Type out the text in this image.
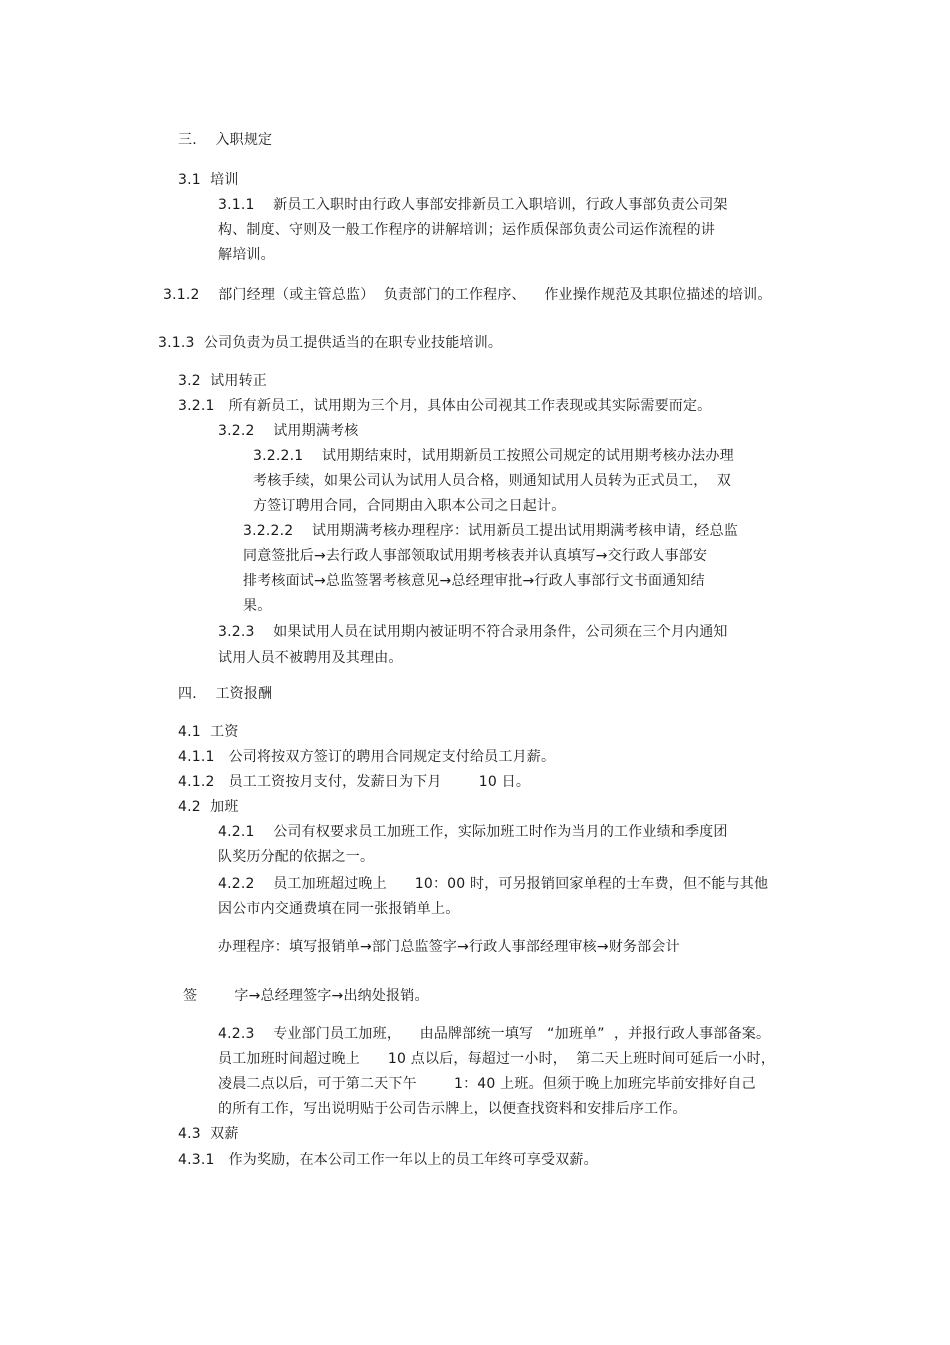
三.    入职规定
3.1  培训
3.1.1    新员工入职时由行政人事部安排新员工入职培训，行政人事部负责公司架
构、制度、守则及一般工作程序的讲解培训；运作质保部负责公司运作流程的讲
解培训。
3.1.2    部门经理（或主管总监）  负责部门的工作程序、    作业操作规范及其职位描述的培训。
3.1.3  公司负责为员工提供适当的在职专业技能培训。
3.2  试用转正
3.2.1   所有新员工，试用期为三个月，具体由公司视其工作表现或其实际需要而定。
3.2.2    试用期满考核
3.2.2.1    试用期结束时，试用期新员工按照公司规定的试用期考核办法办理
考核手续，如果公司认为试用人员合格，则通知试用人员转为正式员工，  双
方签订聘用合同，合同期由入职本公司之日起计。
3.2.2.2    试用期满考核办理程序：试用新员工提出试用期满考核申请，经总监
同意签批后→去行政人事部领取试用期考核表并认真填写→交行政人事部安
排考核面试→总监签署考核意见→总经理审批→行政人事部行文书面通知结
果。
3.2.3    如果试用人员在试用期内被证明不符合录用条件，公司须在三个月内通知
试用人员不被聘用及其理由。
四.    工资报酬
4.1  工资
4.1.1   公司将按双方签订的聘用合同规定支付给员工月薪。
4.1.2   员工工资按月支付，发薪日为下月        10 日。
4.2  加班
4.2.1    公司有权要求员工加班工作，实际加班工时作为当月的工作业绩和季度团
队奖历分配的依据之一。
4.2.2    员工加班超过晚上      10：00 时，可另报销回家单程的士车费，但不能与其他
因公市内交通费填在同一张报销单上。
办理程序：填写报销单→部门总监签字→行政人事部经理审核→财务部会计
签        字→总经理签字→出纳处报销。
4.2.3    专业部门员工加班，    由品牌部统一填写   “加班单”  ，并报行政人事部备案。
员工加班时间超过晚上      10 点以后，每超过一小时，  第二天上班时间可延后一小时，
凌晨二点以后，可于第二天下午        1：40 上班。但须于晚上加班完毕前安排好自己
的所有工作，写出说明贴于公司告示牌上，以便查找资料和安排后序工作。
4.3  双薪
4.3.1   作为奖励，在本公司工作一年以上的员工年终可享受双薪。
